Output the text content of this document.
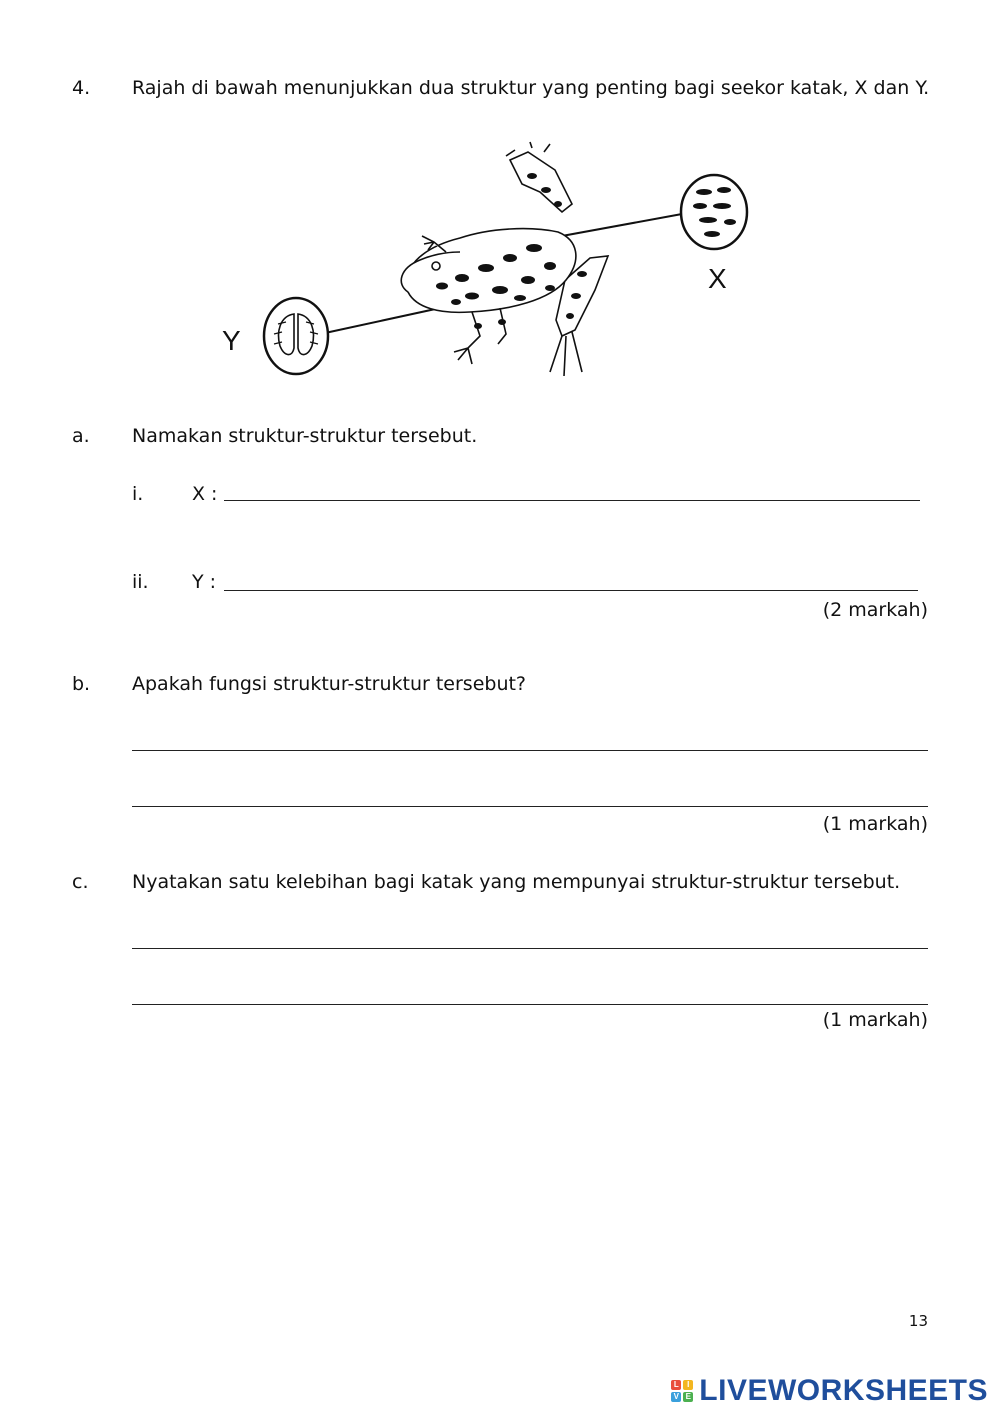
4. Rajah di bawah menunjukkan dua struktur yang penting bagi seekor katak, X dan Y.
X
Y
a. Namakan struktur-struktur tersebut.
i.	X :
ii. Y :
(2 markah)
b. Apakah fungsi struktur-struktur tersebut?
(1 markah)
c. Nyatakan satu kelebihan bagi katak yang mempunyai struktur-struktur tersebut.
(1 markah)
13
L	I
V E LIVEWORKSHEETS
